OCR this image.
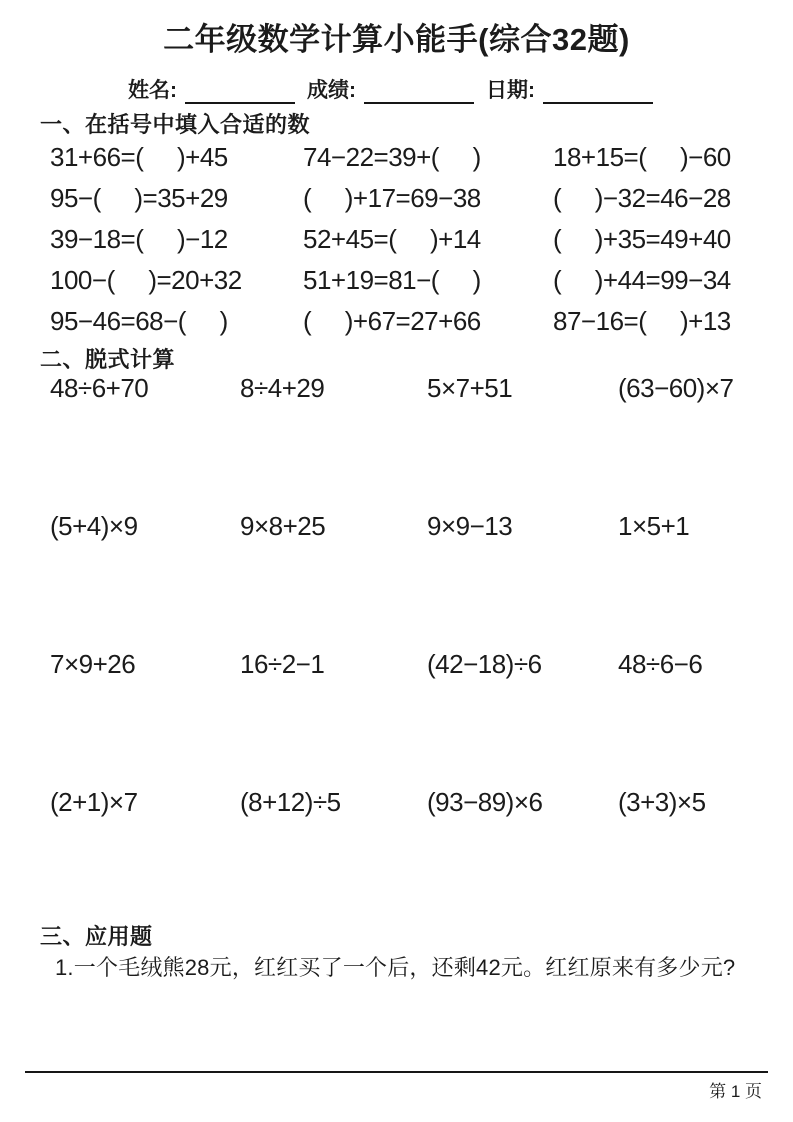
二年级数学计算小能手(综合32题)
姓名:	成绩:	日期:
一、在括号中填入合适的数
31+66=(     )+45	74−22=39+(     )	18+15=(     )−60
95−(     )=35+29	(     )+17=69−38	(     )−32=46−28
39−18=(     )−12	52+45=(     )+14	(     )+35=49+40
100−(     )=20+32	51+19=81−(     )	(     )+44=99−34
95−46=68−(     )	(     )+67=27+66	87−16=(     )+13
二、脱式计算
48÷6+70	8÷4+29	5×7+51	(63−60)×7
(5+4)×9	9×8+25	9×9−13	1×5+1
7×9+26	16÷2−1	(42−18)÷6	48÷6−6
(2+1)×7	(8+12)÷5	(93−89)×6	(3+3)×5
三、应用题
1.一个毛绒熊28元，红红买了一个后，还剩42元。红红原来有多少元?
第 1 页
